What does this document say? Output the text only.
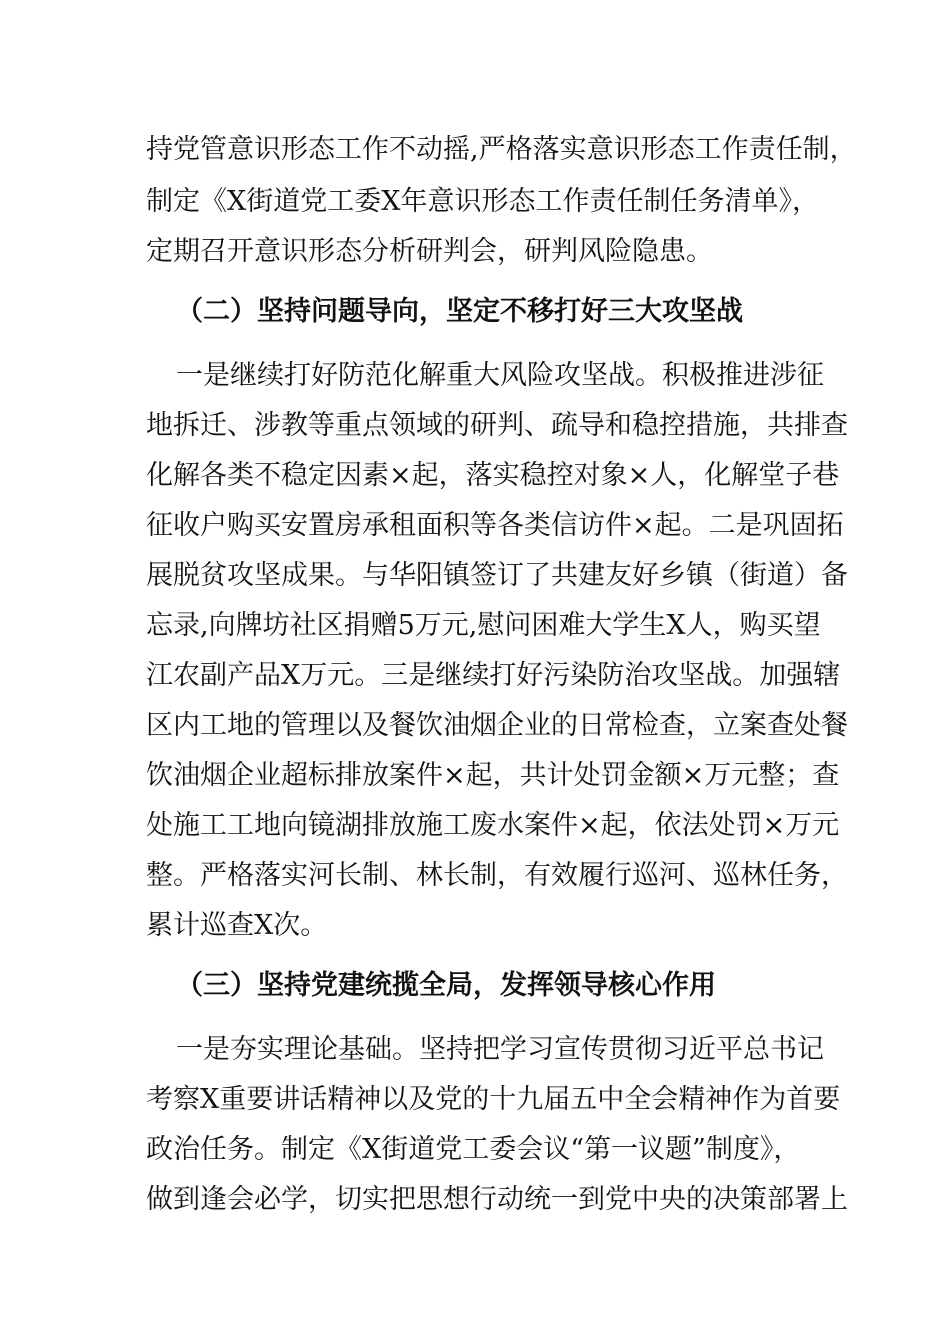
持党管意识形态工作不动摇,严格落实意识形态工作责任制，
制定《X街道党工委X年意识形态工作责任制任务清单》，
定期召开意识形态分析研判会，研判风险隐患。
（二）坚持问题导向，坚定不移打好三大攻坚战
一是继续打好防范化解重大风险攻坚战。积极推进涉征
地拆迁、涉教等重点领域的研判、疏导和稳控措施，共排查
化解各类不稳定因素×起，落实稳控对象×人，化解堂子巷
征收户购买安置房承租面积等各类信访件×起。二是巩固拓
展脱贫攻坚成果。与华阳镇签订了共建友好乡镇（街道）备
忘录,向牌坊社区捐赠5万元,慰问困难大学生X人，购买望
江农副产品X万元。三是继续打好污染防治攻坚战。加强辖
区内工地的管理以及餐饮油烟企业的日常检查，立案查处餐
饮油烟企业超标排放案件×起，共计处罚金额×万元整；查
处施工工地向镜湖排放施工废水案件×起，依法处罚×万元
整。严格落实河长制、林长制，有效履行巡河、巡林任务，
累计巡查X次。
（三）坚持党建统揽全局，发挥领导核心作用
一是夯实理论基础。坚持把学习宣传贯彻习近平总书记
考察X重要讲话精神以及党的十九届五中全会精神作为首要
政治任务。制定《X街道党工委会议“第一议题”制度》，
做到逢会必学，切实把思想行动统一到党中央的决策部署上
